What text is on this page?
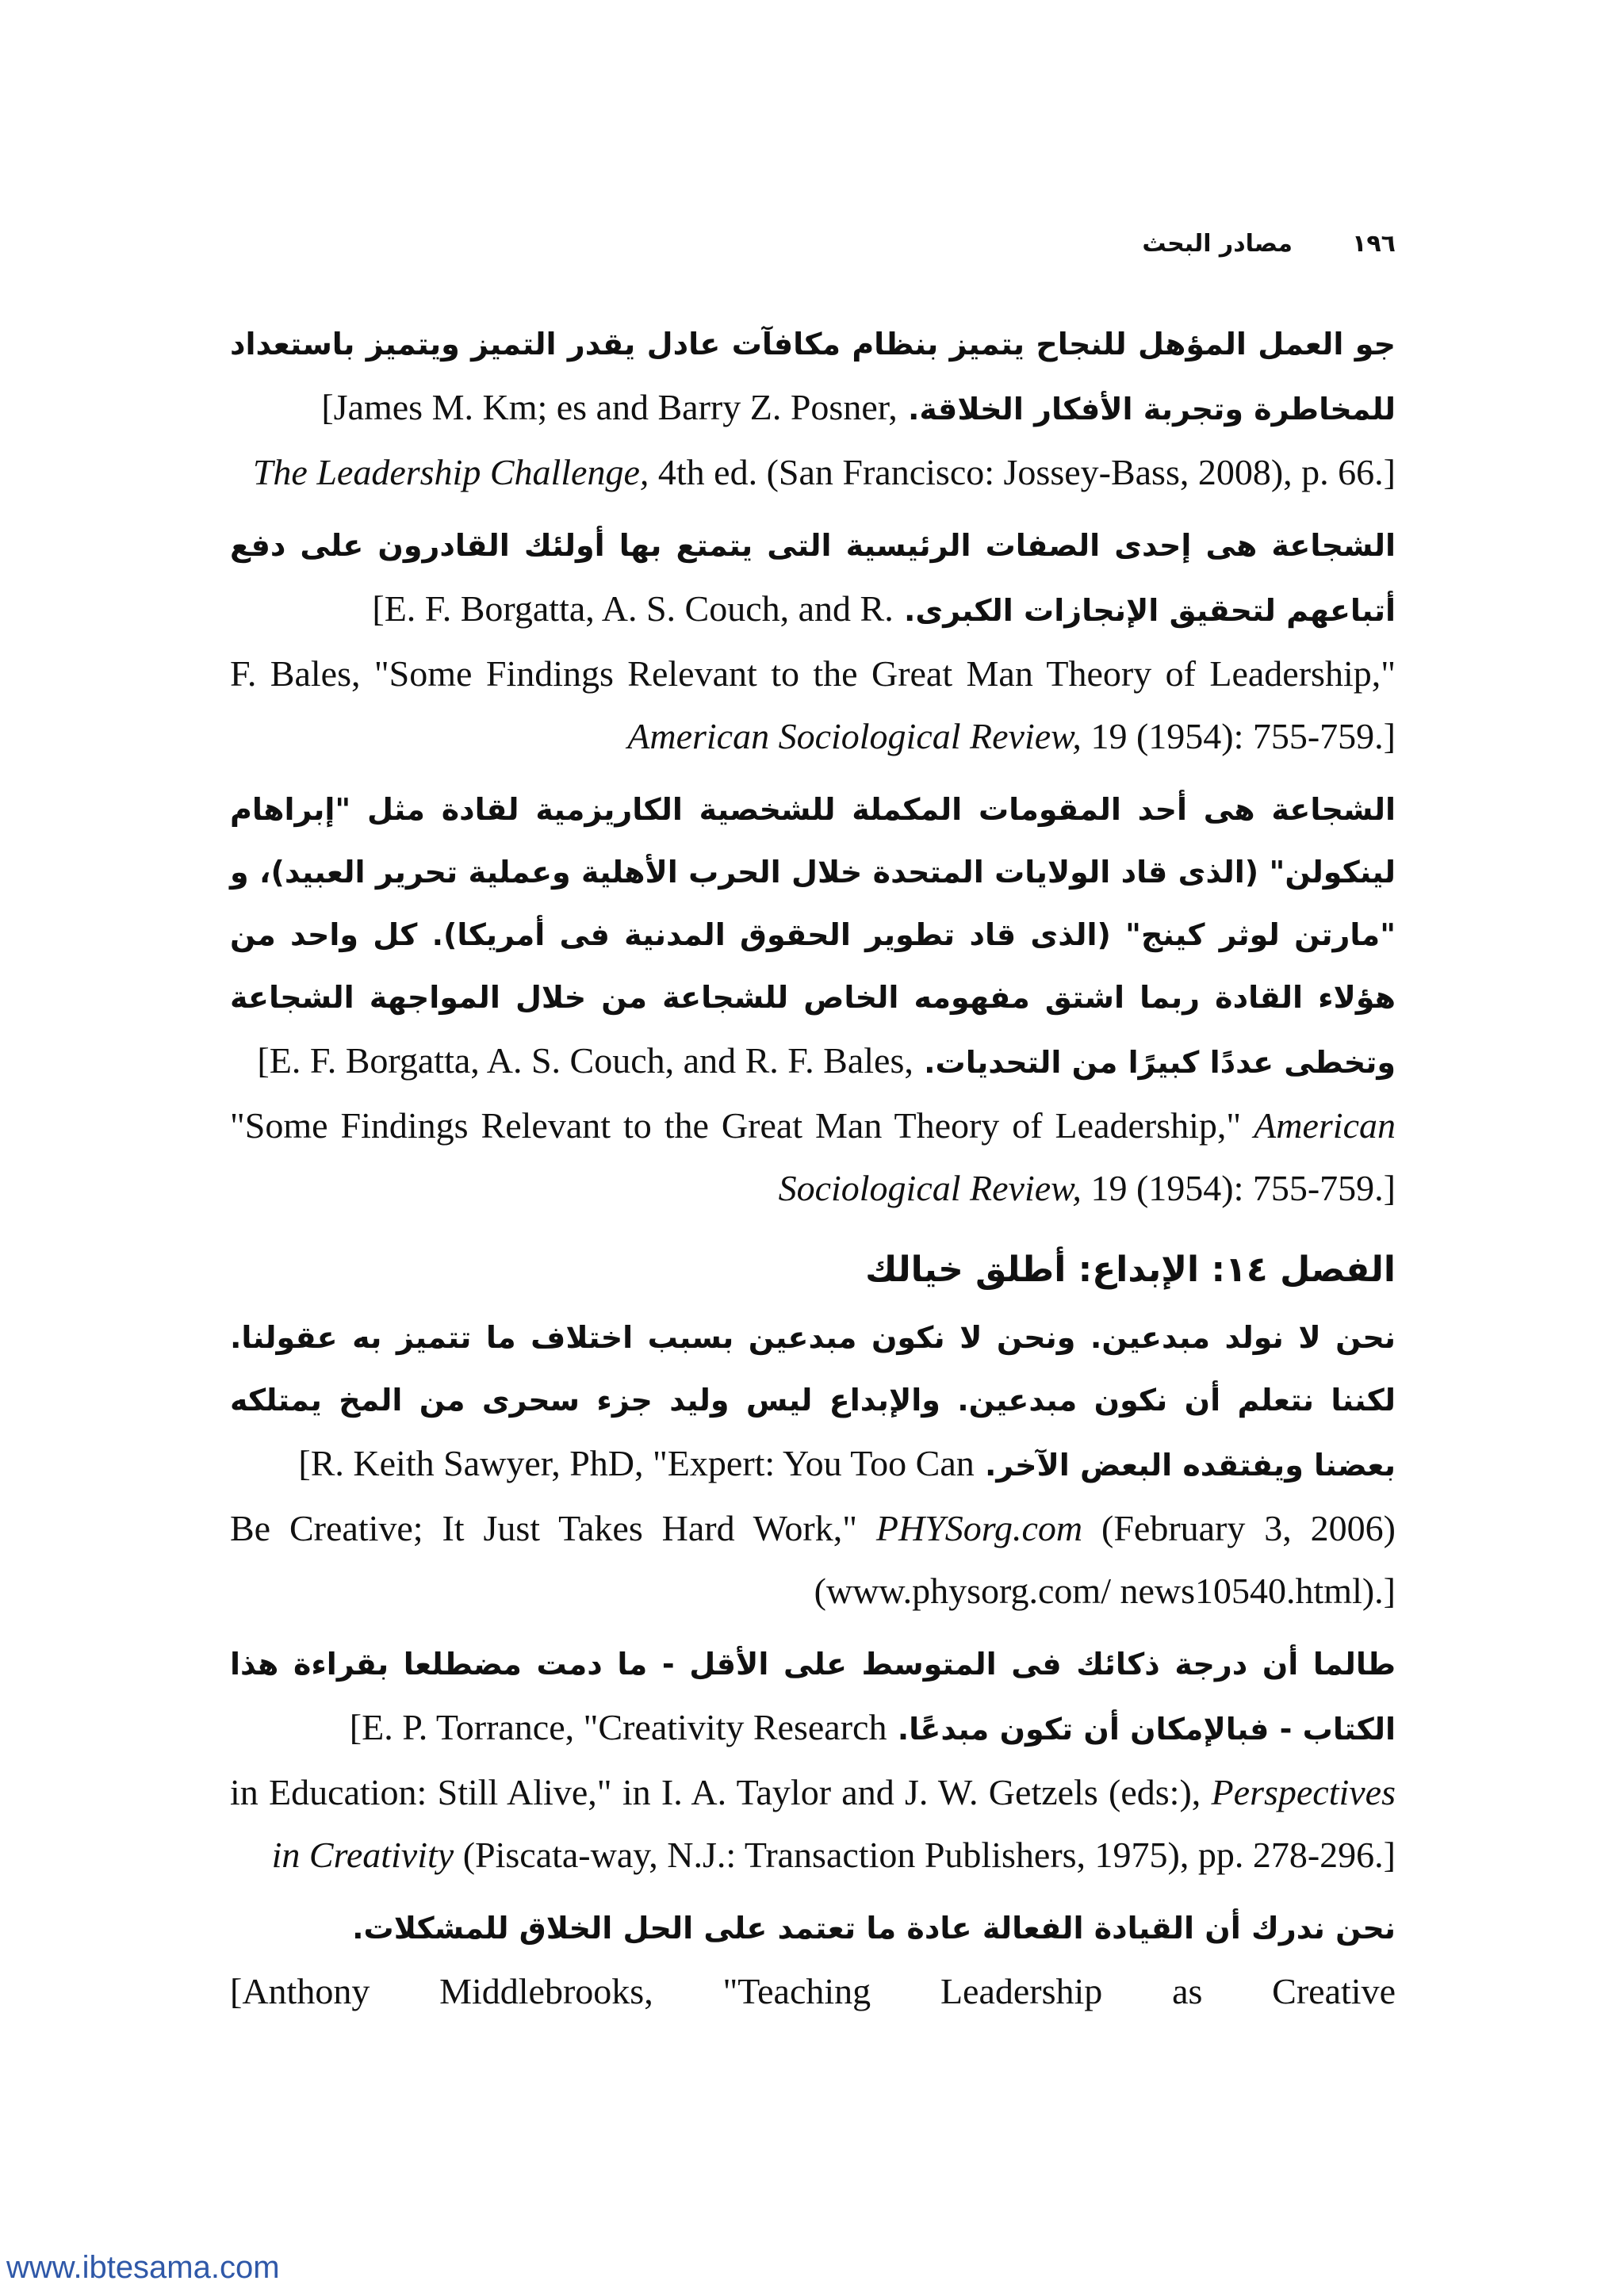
١٩٦
مصادر البحث
جو العمل المؤهل للنجاح يتميز بنظام مكافآت عادل يقدر التميز ويتميز باستعداد للمخاطرة وتجربة الأفكار الخلاقة. [James M. Km; es and Barry Z. Posner,
The Leadership Challenge, 4th ed. (San Francisco: Jossey-Bass, 2008), p. 66.]
الشجاعة هى إحدى الصفات الرئيسية التى يتمتع بها أولئك القادرون على دفع أتباعهم لتحقيق الإنجازات الكبرى. [E. F. Borgatta, A. S. Couch, and R.
F. Bales, "Some Findings Relevant to the Great Man Theory of Leadership," American Sociological Review, 19 (1954): 755-759.]
الشجاعة هى أحد المقومات المكملة للشخصية الكاريزمية لقادة مثل "إبراهام لينكولن" (الذى قاد الولايات المتحدة خلال الحرب الأهلية وعملية تحرير العبيد)، و "مارتن لوثر كينج" (الذى قاد تطوير الحقوق المدنية فى أمريكا). كل واحد من هؤلاء القادة ربما اشتق مفهومه الخاص للشجاعة من خلال المواجهة الشجاعة وتخطى عددًا كبيرًا من التحديات. [E. F. Borgatta, A. S. Couch, and R. F. Bales,
"Some Findings Relevant to the Great Man Theory of Leadership," American Sociological Review, 19 (1954): 755-759.]
الفصل ١٤: الإبداع: أطلق خيالك
نحن لا نولد مبدعين. ونحن لا نكون مبدعين بسبب اختلاف ما تتميز به عقولنا. لكننا نتعلم أن نكون مبدعين. والإبداع ليس وليد جزء سحرى من المخ يمتلكه بعضنا ويفتقده البعض الآخر. [R. Keith Sawyer, PhD, "Expert: You Too Can
Be Creative; It Just Takes Hard Work," PHYSorg.com (February 3, 2006) (www.physorg.com/ news10540.html).]
طالما أن درجة ذكائك فى المتوسط على الأقل - ما دمت مضطلعا بقراءة هذا الكتاب - فبالإمكان أن تكون مبدعًا. [E. P. Torrance, "Creativity Research
in Education: Still Alive," in I. A. Taylor and J. W. Getzels (eds:), Perspectives in Creativity (Piscata-way, N.J.: Transaction Publishers, 1975), pp. 278-296.]
نحن ندرك أن القيادة الفعالة عادة ما تعتمد على الحل الخلاق للمشكلات.
[Anthony Middlebrooks, "Teaching Leadership as Creative
www.ibtesama.com
